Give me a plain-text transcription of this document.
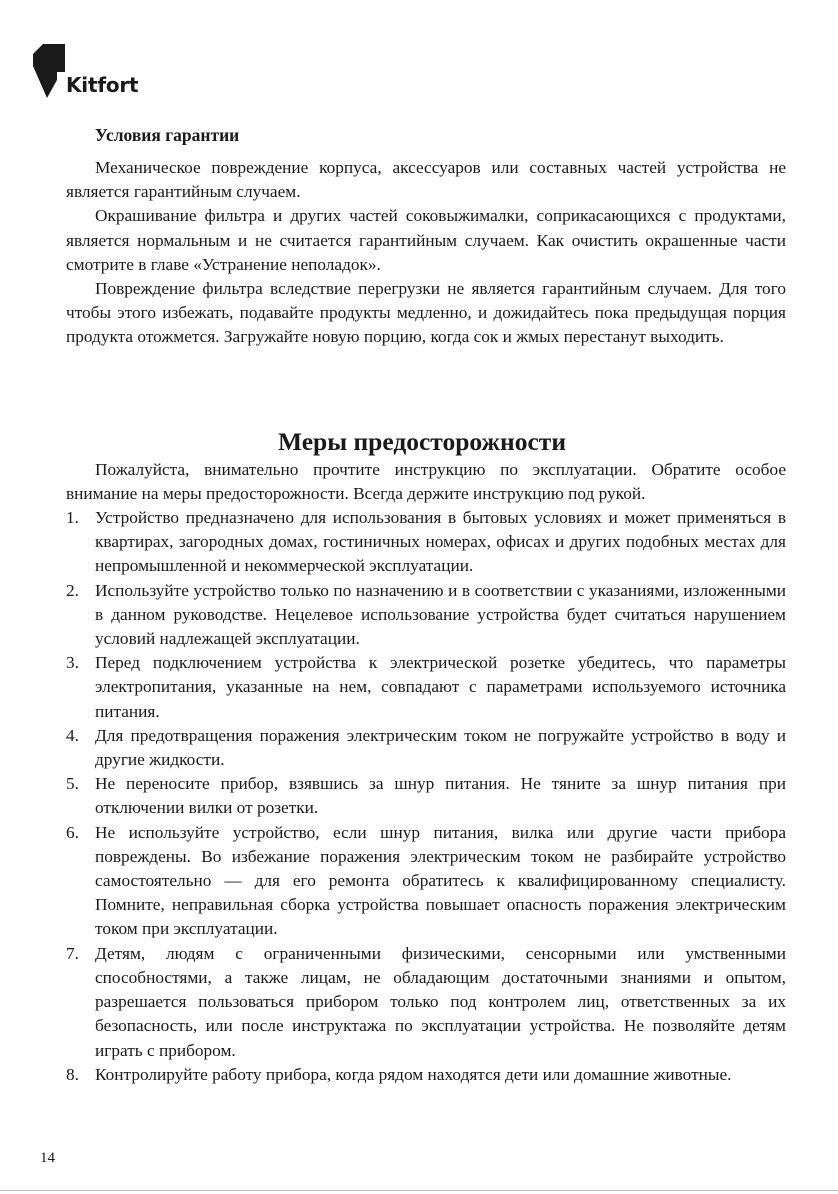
Kitfort
Условия гарантии

Механическое повреждение корпуса, аксессуаров или составных частей устройства не является гарантийным случаем.

Окрашивание фильтра и других частей соковыжималки, соприкасающихся с продуктами, является нормальным и не считается гарантийным случаем. Как очистить окрашенные части смотрите в главе «Устранение неполадок».

Повреждение фильтра вследствие перегрузки не является гарантийным случаем. Для того чтобы этого избежать, подавайте продукты медленно, и дожидайтесь пока предыдущая порция продукта отожмется. Загружайте новую порцию, когда сок и жмых перестанут выходить.

Меры предосторожности

Пожалуйста, внимательно прочтите инструкцию по эксплуатации. Обратите особое внимание на меры предосторожности. Всегда держите инструкцию под рукой.

1. Устройство предназначено для использования в бытовых условиях и может применяться в квартирах, загородных домах, гостиничных номерах, офисах и других подобных местах для непромышленной и некоммерческой эксплуатации.
2. Используйте устройство только по назначению и в соответствии с указаниями, изложенными в данном руководстве. Нецелевое использование устройства будет считаться нарушением условий надлежащей эксплуатации.
3. Перед подключением устройства к электрической розетке убедитесь, что параметры электропитания, указанные на нем, совпадают с параметрами используемого источника питания.
4. Для предотвращения поражения электрическим током не погружайте устройство в воду и другие жидкости.
5. Не переносите прибор, взявшись за шнур питания. Не тяните за шнур питания при отключении вилки от розетки.
6. Не используйте устройство, если шнур питания, вилка или другие части прибора повреждены. Во избежание поражения электрическим током не разбирайте устройство самостоятельно — для его ремонта обратитесь к квалифицированному специалисту. Помните, неправильная сборка устройства повышает опасность поражения электрическим током при эксплуатации.
7. Детям, людям с ограниченными физическими, сенсорными или умственными способностями, а также лицам, не обладающим достаточными знаниями и опытом, разрешается пользоваться прибором только под контролем лиц, ответственных за их безопасность, или после инструктажа по эксплуатации устройства. Не позволяйте детям играть с прибором.
8. Контролируйте работу прибора, когда рядом находятся дети или домашние животные.
14
